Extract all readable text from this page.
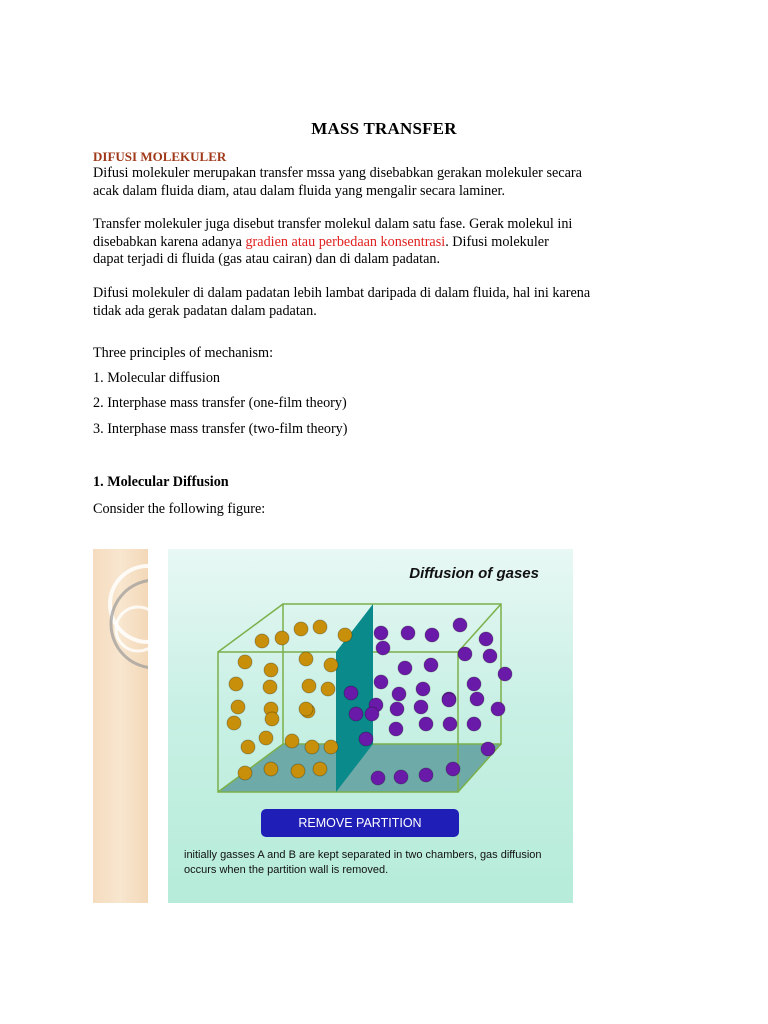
MASS TRANSFER
DIFUSI MOLEKULER
Difusi molekuler merupakan transfer mssa yang disebabkan gerakan molekuler secara
acak dalam fluida diam, atau dalam fluida yang mengalir secara laminer.
Transfer molekuler juga disebut transfer molekul dalam satu fase. Gerak molekul ini
disebabkan karena adanya gradien atau perbedaan konsentrasi. Difusi molekuler
dapat terjadi di fluida (gas atau cairan) dan di dalam padatan.
Difusi molekuler di dalam padatan lebih lambat daripada di dalam fluida, hal ini karena
tidak ada gerak padatan dalam padatan.
Three principles of mechanism:
1. Molecular diffusion
2. Interphase mass transfer (one-film theory)
3. Interphase mass transfer (two-film theory)
1. Molecular Diffusion
Consider the following figure:
Diffusion of gases
REMOVE PARTITION
initially gasses A and B are kept separated in two chambers, gas diffusion
occurs when the partition wall is removed.
